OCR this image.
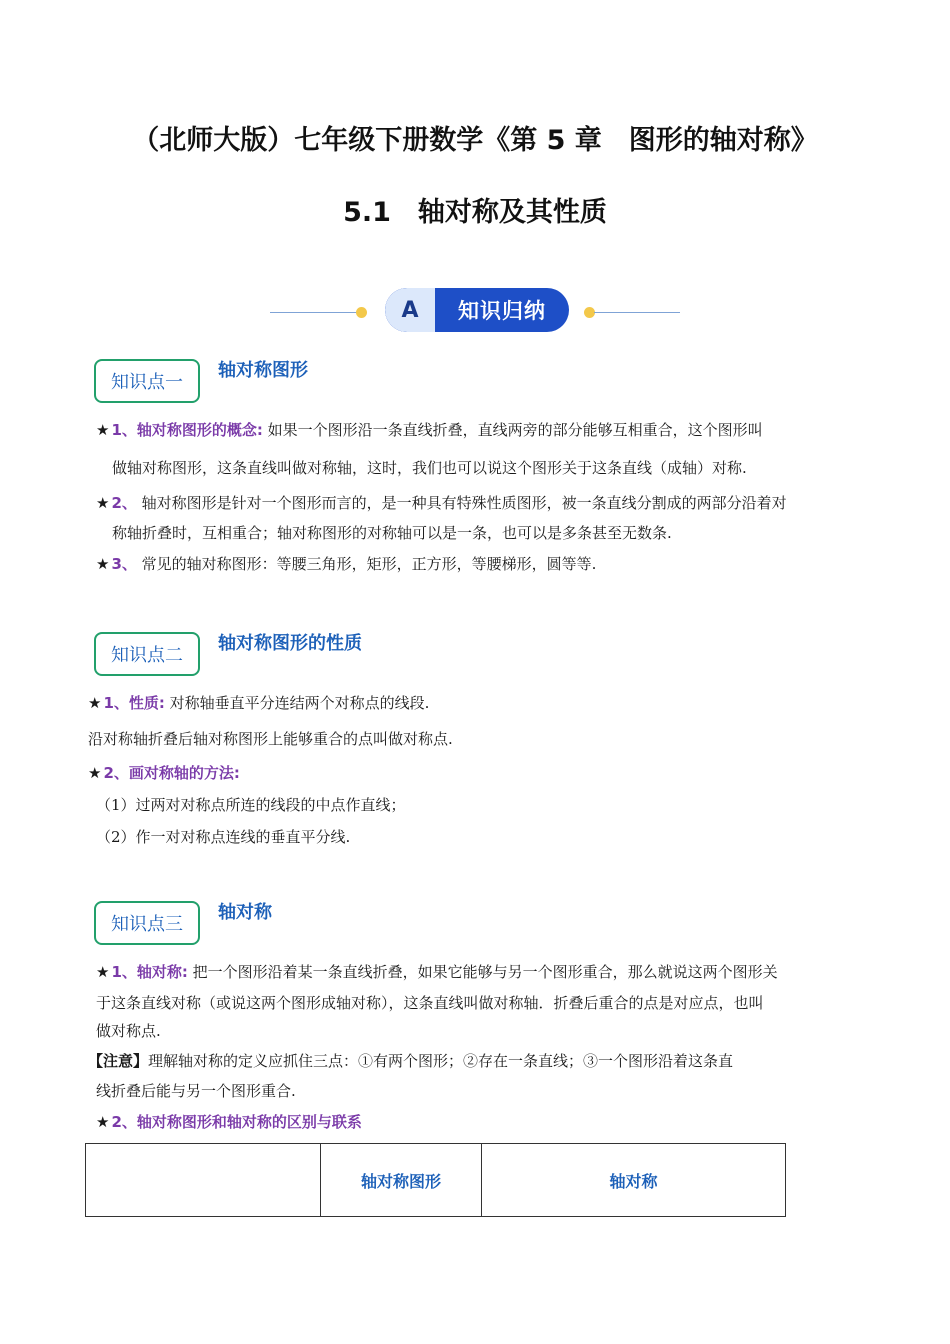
（北师大版）七年级下册数学《第 5 章　图形的轴对称》
5.1　轴对称及其性质
A	知识归纳
知识点一
轴对称图形
★ 1、轴对称图形的概念: 如果一个图形沿一条直线折叠，直线两旁的部分能够互相重合，这个图形叫
做轴对称图形，这条直线叫做对称轴，这时，我们也可以说这个图形关于这条直线（成轴）对称.
★ 2、 轴对称图形是针对一个图形而言的，是一种具有特殊性质图形，被一条直线分割成的两部分沿着对
称轴折叠时，互相重合；轴对称图形的对称轴可以是一条，也可以是多条甚至无数条.
★ 3、 常见的轴对称图形：等腰三角形，矩形，正方形，等腰梯形，圆等等.
知识点二
轴对称图形的性质
★ 1、性质: 对称轴垂直平分连结两个对称点的线段.
沿对称轴折叠后轴对称图形上能够重合的点叫做对称点.
★ 2、画对称轴的方法:
（1）过两对对称点所连的线段的中点作直线；
（2）作一对对称点连线的垂直平分线.
知识点三
轴对称
★ 1、轴对称: 把一个图形沿着某一条直线折叠，如果它能够与另一个图形重合，那么就说这两个图形关
于这条直线对称（或说这两个图形成轴对称），这条直线叫做对称轴．折叠后重合的点是对应点，也叫
做对称点.
【注意】理解轴对称的定义应抓住三点：①有两个图形；②存在一条直线；③一个图形沿着这条直
线折叠后能与另一个图形重合.
★ 2、轴对称图形和轴对称的区别与联系
	轴对称图形	轴对称
